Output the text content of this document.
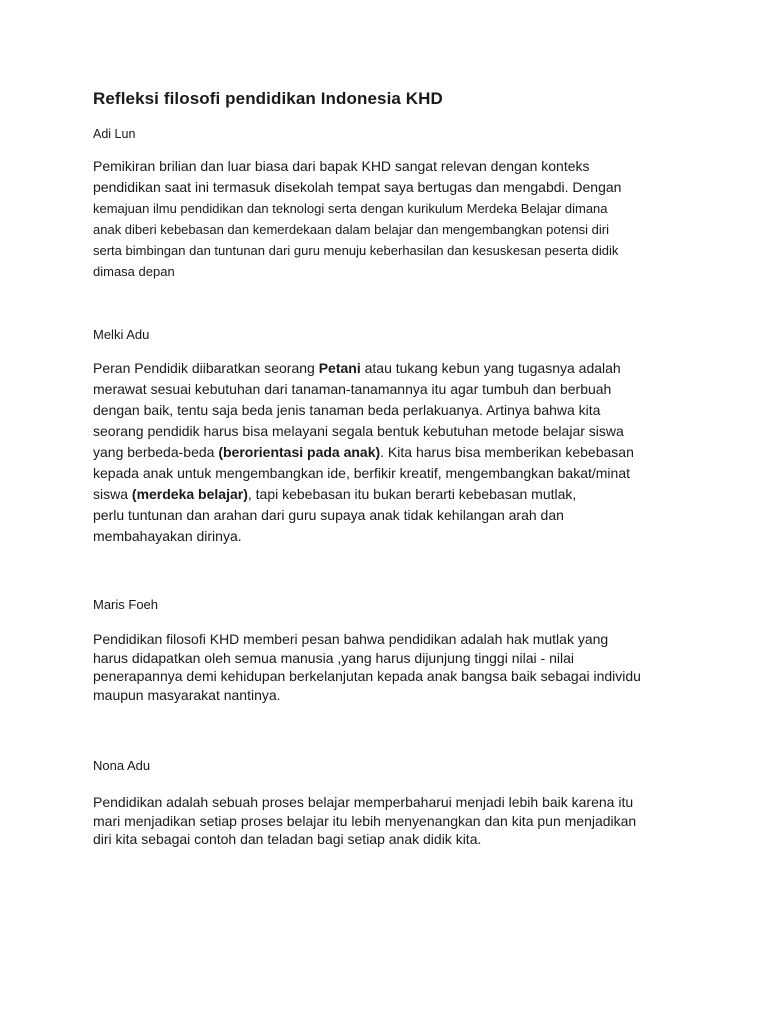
Refleksi filosofi pendidikan Indonesia KHD

Adi Lun

Pemikiran brilian dan luar biasa dari bapak KHD sangat relevan dengan konteks
pendidikan saat ini termasuk disekolah tempat saya bertugas dan mengabdi. Dengan
kemajuan ilmu pendidikan dan teknologi serta dengan kurikulum Merdeka Belajar dimana
anak diberi kebebasan dan kemerdekaan dalam belajar dan mengembangkan potensi diri
serta bimbingan dan tuntunan dari guru menuju keberhasilan dan kesuskesan peserta didik
dimasa depan

Melki Adu

Peran Pendidik diibaratkan seorang Petani atau tukang kebun yang tugasnya adalah
merawat sesuai kebutuhan dari tanaman-tanamannya itu agar tumbuh dan berbuah
dengan baik, tentu saja beda jenis tanaman beda perlakuanya. Artinya bahwa kita
seorang pendidik harus bisa melayani segala bentuk kebutuhan metode belajar siswa
yang berbeda-beda (berorientasi pada anak). Kita harus bisa memberikan kebebasan
kepada anak untuk mengembangkan ide, berfikir kreatif, mengembangkan bakat/minat
siswa (merdeka belajar), tapi kebebasan itu bukan berarti kebebasan mutlak,
perlu tuntunan dan arahan dari guru supaya anak tidak kehilangan arah dan
membahayakan dirinya.

Maris Foeh

Pendidikan filosofi KHD memberi pesan bahwa pendidikan adalah hak mutlak yang
harus didapatkan oleh semua manusia ,yang harus dijunjung tinggi nilai - nilai
penerapannya demi kehidupan berkelanjutan kepada anak bangsa baik sebagai individu
maupun masyarakat nantinya.

Nona Adu

Pendidikan adalah sebuah proses belajar memperbaharui menjadi lebih baik karena itu
mari menjadikan setiap proses belajar itu lebih menyenangkan dan kita pun menjadikan
diri kita sebagai contoh dan teladan bagi setiap anak didik kita.
